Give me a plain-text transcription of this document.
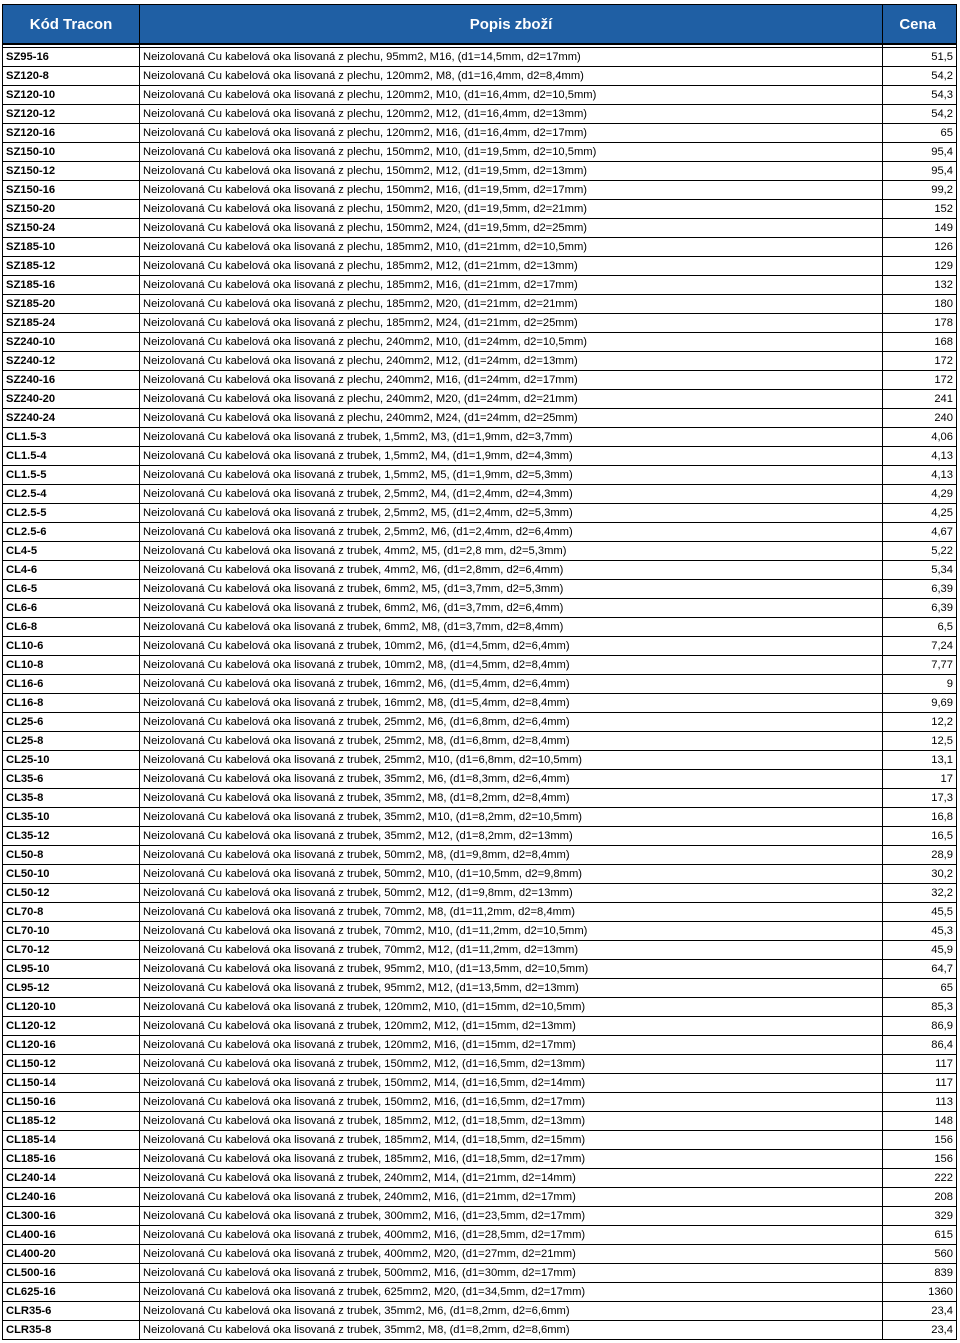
Kód Tracon	Popis zboží	Cena

SZ95-16	Neizolovaná Cu kabelová oka lisovaná z plechu, 95mm2, M16, (d1=14,5mm, d2=17mm)	51,5
SZ120-8	Neizolovaná Cu kabelová oka lisovaná z plechu, 120mm2, M8, (d1=16,4mm, d2=8,4mm)	54,2
SZ120-10	Neizolovaná Cu kabelová oka lisovaná z plechu, 120mm2, M10, (d1=16,4mm, d2=10,5mm)	54,3
SZ120-12	Neizolovaná Cu kabelová oka lisovaná z plechu, 120mm2, M12, (d1=16,4mm, d2=13mm)	54,2
SZ120-16	Neizolovaná Cu kabelová oka lisovaná z plechu, 120mm2, M16, (d1=16,4mm, d2=17mm)	65
SZ150-10	Neizolovaná Cu kabelová oka lisovaná z plechu, 150mm2, M10, (d1=19,5mm, d2=10,5mm)	95,4
SZ150-12	Neizolovaná Cu kabelová oka lisovaná z plechu, 150mm2, M12, (d1=19,5mm, d2=13mm)	95,4
SZ150-16	Neizolovaná Cu kabelová oka lisovaná z plechu, 150mm2, M16, (d1=19,5mm, d2=17mm)	99,2
SZ150-20	Neizolovaná Cu kabelová oka lisovaná z plechu, 150mm2, M20, (d1=19,5mm, d2=21mm)	152
SZ150-24	Neizolovaná Cu kabelová oka lisovaná z plechu, 150mm2, M24, (d1=19,5mm, d2=25mm)	149
SZ185-10	Neizolovaná Cu kabelová oka lisovaná z plechu, 185mm2, M10, (d1=21mm, d2=10,5mm)	126
SZ185-12	Neizolovaná Cu kabelová oka lisovaná z plechu, 185mm2, M12, (d1=21mm, d2=13mm)	129
SZ185-16	Neizolovaná Cu kabelová oka lisovaná z plechu, 185mm2, M16, (d1=21mm, d2=17mm)	132
SZ185-20	Neizolovaná Cu kabelová oka lisovaná z plechu, 185mm2, M20, (d1=21mm, d2=21mm)	180
SZ185-24	Neizolovaná Cu kabelová oka lisovaná z plechu, 185mm2, M24, (d1=21mm, d2=25mm)	178
SZ240-10	Neizolovaná Cu kabelová oka lisovaná z plechu, 240mm2, M10, (d1=24mm, d2=10,5mm)	168
SZ240-12	Neizolovaná Cu kabelová oka lisovaná z plechu, 240mm2, M12, (d1=24mm, d2=13mm)	172
SZ240-16	Neizolovaná Cu kabelová oka lisovaná z plechu, 240mm2, M16, (d1=24mm, d2=17mm)	172
SZ240-20	Neizolovaná Cu kabelová oka lisovaná z plechu, 240mm2, M20, (d1=24mm, d2=21mm)	241
SZ240-24	Neizolovaná Cu kabelová oka lisovaná z plechu, 240mm2, M24, (d1=24mm, d2=25mm)	240
CL1.5-3	Neizolovaná Cu kabelová oka lisovaná z trubek, 1,5mm2, M3, (d1=1,9mm, d2=3,7mm)	4,06
CL1.5-4	Neizolovaná Cu kabelová oka lisovaná z trubek, 1,5mm2, M4, (d1=1,9mm, d2=4,3mm)	4,13
CL1.5-5	Neizolovaná Cu kabelová oka lisovaná z trubek, 1,5mm2, M5, (d1=1,9mm, d2=5,3mm)	4,13
CL2.5-4	Neizolovaná Cu kabelová oka lisovaná z trubek, 2,5mm2, M4, (d1=2,4mm, d2=4,3mm)	4,29
CL2.5-5	Neizolovaná Cu kabelová oka lisovaná z trubek, 2,5mm2, M5, (d1=2,4mm, d2=5,3mm)	4,25
CL2.5-6	Neizolovaná Cu kabelová oka lisovaná z trubek, 2,5mm2, M6, (d1=2,4mm, d2=6,4mm)	4,67
CL4-5	Neizolovaná Cu kabelová oka lisovaná z trubek, 4mm2, M5, (d1=2,8 mm, d2=5,3mm)	5,22
CL4-6	Neizolovaná Cu kabelová oka lisovaná z trubek, 4mm2, M6, (d1=2,8mm, d2=6,4mm)	5,34
CL6-5	Neizolovaná Cu kabelová oka lisovaná z trubek, 6mm2, M5, (d1=3,7mm, d2=5,3mm)	6,39
CL6-6	Neizolovaná Cu kabelová oka lisovaná z trubek, 6mm2, M6, (d1=3,7mm, d2=6,4mm)	6,39
CL6-8	Neizolovaná Cu kabelová oka lisovaná z trubek, 6mm2, M8, (d1=3,7mm, d2=8,4mm)	6,5
CL10-6	Neizolovaná Cu kabelová oka lisovaná z trubek, 10mm2, M6, (d1=4,5mm, d2=6,4mm)	7,24
CL10-8	Neizolovaná Cu kabelová oka lisovaná z trubek, 10mm2, M8, (d1=4,5mm, d2=8,4mm)	7,77
CL16-6	Neizolovaná Cu kabelová oka lisovaná z trubek, 16mm2, M6, (d1=5,4mm, d2=6,4mm)	9
CL16-8	Neizolovaná Cu kabelová oka lisovaná z trubek, 16mm2, M8, (d1=5,4mm, d2=8,4mm)	9,69
CL25-6	Neizolovaná Cu kabelová oka lisovaná z trubek, 25mm2, M6, (d1=6,8mm, d2=6,4mm)	12,2
CL25-8	Neizolovaná Cu kabelová oka lisovaná z trubek, 25mm2, M8, (d1=6,8mm, d2=8,4mm)	12,5
CL25-10	Neizolovaná Cu kabelová oka lisovaná z trubek, 25mm2, M10, (d1=6,8mm, d2=10,5mm)	13,1
CL35-6	Neizolovaná Cu kabelová oka lisovaná z trubek, 35mm2, M6, (d1=8,3mm, d2=6,4mm)	17
CL35-8	Neizolovaná Cu kabelová oka lisovaná z trubek, 35mm2, M8, (d1=8,2mm, d2=8,4mm)	17,3
CL35-10	Neizolovaná Cu kabelová oka lisovaná z trubek, 35mm2, M10, (d1=8,2mm, d2=10,5mm)	16,8
CL35-12	Neizolovaná Cu kabelová oka lisovaná z trubek, 35mm2, M12, (d1=8,2mm, d2=13mm)	16,5
CL50-8	Neizolovaná Cu kabelová oka lisovaná z trubek, 50mm2, M8, (d1=9,8mm, d2=8,4mm)	28,9
CL50-10	Neizolovaná Cu kabelová oka lisovaná z trubek, 50mm2, M10, (d1=10,5mm, d2=9,8mm)	30,2
CL50-12	Neizolovaná Cu kabelová oka lisovaná z trubek, 50mm2, M12, (d1=9,8mm, d2=13mm)	32,2
CL70-8	Neizolovaná Cu kabelová oka lisovaná z trubek, 70mm2, M8, (d1=11,2mm, d2=8,4mm)	45,5
CL70-10	Neizolovaná Cu kabelová oka lisovaná z trubek, 70mm2, M10, (d1=11,2mm, d2=10,5mm)	45,3
CL70-12	Neizolovaná Cu kabelová oka lisovaná z trubek, 70mm2, M12, (d1=11,2mm, d2=13mm)	45,9
CL95-10	Neizolovaná Cu kabelová oka lisovaná z trubek, 95mm2, M10, (d1=13,5mm, d2=10,5mm)	64,7
CL95-12	Neizolovaná Cu kabelová oka lisovaná z trubek, 95mm2, M12, (d1=13,5mm, d2=13mm)	65
CL120-10	Neizolovaná Cu kabelová oka lisovaná z trubek, 120mm2, M10, (d1=15mm, d2=10,5mm)	85,3
CL120-12	Neizolovaná Cu kabelová oka lisovaná z trubek, 120mm2, M12, (d1=15mm, d2=13mm)	86,9
CL120-16	Neizolovaná Cu kabelová oka lisovaná z trubek, 120mm2, M16, (d1=15mm, d2=17mm)	86,4
CL150-12	Neizolovaná Cu kabelová oka lisovaná z trubek, 150mm2, M12, (d1=16,5mm, d2=13mm)	117
CL150-14	Neizolovaná Cu kabelová oka lisovaná z trubek, 150mm2, M14, (d1=16,5mm, d2=14mm)	117
CL150-16	Neizolovaná Cu kabelová oka lisovaná z trubek, 150mm2, M16, (d1=16,5mm, d2=17mm)	113
CL185-12	Neizolovaná Cu kabelová oka lisovaná z trubek, 185mm2, M12, (d1=18,5mm, d2=13mm)	148
CL185-14	Neizolovaná Cu kabelová oka lisovaná z trubek, 185mm2, M14, (d1=18,5mm, d2=15mm)	156
CL185-16	Neizolovaná Cu kabelová oka lisovaná z trubek, 185mm2, M16, (d1=18,5mm, d2=17mm)	156
CL240-14	Neizolovaná Cu kabelová oka lisovaná z trubek, 240mm2, M14, (d1=21mm, d2=14mm)	222
CL240-16	Neizolovaná Cu kabelová oka lisovaná z trubek, 240mm2, M16, (d1=21mm, d2=17mm)	208
CL300-16	Neizolovaná Cu kabelová oka lisovaná z trubek, 300mm2, M16, (d1=23,5mm, d2=17mm)	329
CL400-16	Neizolovaná Cu kabelová oka lisovaná z trubek, 400mm2, M16, (d1=28,5mm, d2=17mm)	615
CL400-20	Neizolovaná Cu kabelová oka lisovaná z trubek, 400mm2, M20, (d1=27mm, d2=21mm)	560
CL500-16	Neizolovaná Cu kabelová oka lisovaná z trubek, 500mm2, M16, (d1=30mm, d2=17mm)	839
CL625-16	Neizolovaná Cu kabelová oka lisovaná z trubek, 625mm2, M20, (d1=34,5mm, d2=17mm)	1360
CLR35-6	Neizolovaná Cu kabelová oka lisovaná z trubek, 35mm2, M6, (d1=8,2mm, d2=6,6mm)	23,4
CLR35-8	Neizolovaná Cu kabelová oka lisovaná z trubek, 35mm2, M8, (d1=8,2mm, d2=8,6mm)	23,4
